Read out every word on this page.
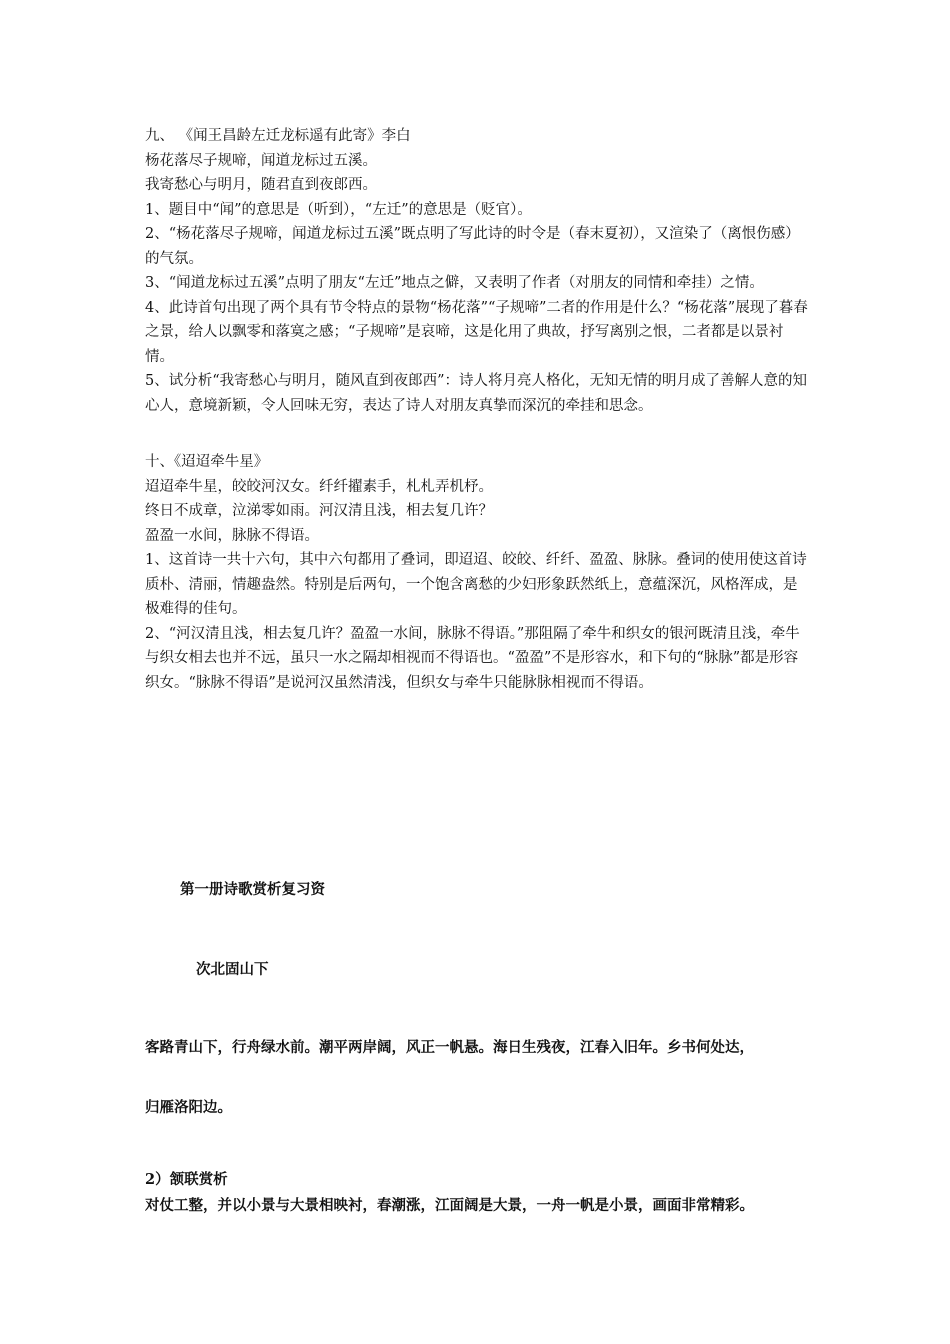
九、 《闻王昌龄左迁龙标遥有此寄》李白
杨花落尽子规啼，闻道龙标过五溪。
我寄愁心与明月，随君直到夜郎西。
1、题目中“闻”的意思是（听到），“左迁”的意思是（贬官）。
2、“杨花落尽子规啼，闻道龙标过五溪”既点明了写此诗的时令是（春末夏初），又渲染了（离恨伤感）的气氛。
3、“闻道龙标过五溪”点明了朋友“左迁”地点之僻，又表明了作者（对朋友的同情和牵挂）之情。
4、此诗首句出现了两个具有节令特点的景物“杨花落”“子规啼”二者的作用是什么？“杨花落”展现了暮春之景，给人以飘零和落寞之感；“子规啼”是哀啼，这是化用了典故，抒写离别之恨，二者都是以景衬情。
5、试分析“我寄愁心与明月，随风直到夜郎西”：诗人将月亮人格化，无知无情的明月成了善解人意的知心人，意境新颖，令人回味无穷，表达了诗人对朋友真挚而深沉的牵挂和思念。
十、《迢迢牵牛星》
迢迢牵牛星，皎皎河汉女。纤纤擢素手，札札弄机杼。
终日不成章，泣涕零如雨。河汉清且浅，相去复几许？
盈盈一水间，脉脉不得语。
1、这首诗一共十六句，其中六句都用了叠词，即迢迢、皎皎、纤纤、盈盈、脉脉。叠词的使用使这首诗质朴、清丽，情趣盎然。特别是后两句，一个饱含离愁的少妇形象跃然纸上，意蕴深沉，风格浑成，是极难得的佳句。
2、“河汉清且浅，相去复几许？盈盈一水间，脉脉不得语。”那阻隔了牵牛和织女的银河既清且浅，牵牛与织女相去也并不远，虽只一水之隔却相视而不得语也。“盈盈”不是形容水，和下句的“脉脉”都是形容织女。“脉脉不得语”是说河汉虽然清浅，但织女与牵牛只能脉脉相视而不得语。
第一册诗歌赏析复习资
次北固山下
客路青山下，行舟绿水前。潮平两岸阔，风正一帆悬。海日生残夜，江春入旧年。乡书何处达，
归雁洛阳边。
2）颔联赏析
对仗工整，并以小景与大景相映衬，春潮涨，江面阔是大景，一舟一帆是小景，画面非常精彩。
